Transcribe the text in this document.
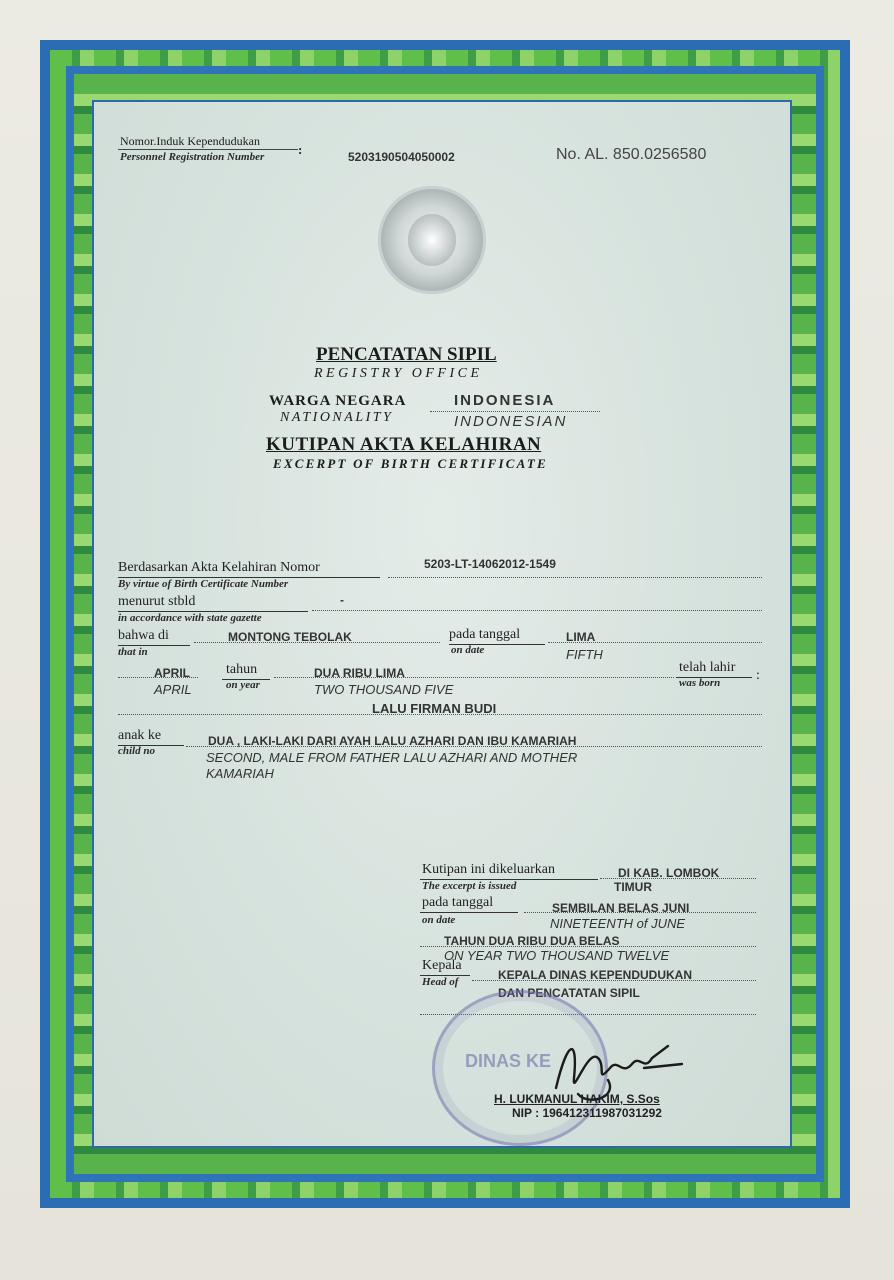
Nomor.Induk Kependudukan
Personnel Registration Number	:	5203190504050002	No. AL. 850.0256580
PENCATATAN SIPIL
REGISTRY OFFICE
WARGA NEGARA	INDONESIA
NATIONALITY	INDONESIAN
KUTIPAN AKTA KELAHIRAN
EXCERPT OF BIRTH CERTIFICATE
Berdasarkan Akta Kelahiran Nomor
By virtue of Birth Certificate Number
5203-LT-14062012-1549
menurut stbld
in accordance with state gazette
-
bahwa di
that in
MONTONG TEBOLAK	pada tanggal
on date
LIMA
FIFTH
APRIL
APRIL
tahun
on year
DUA RIBU LIMA
TWO THOUSAND FIVE
telah lahir
was born	:
LALU FIRMAN BUDI
anak ke
child no
DUA , LAKI-LAKI DARI AYAH LALU AZHARI DAN IBU KAMARIAH
SECOND, MALE FROM FATHER LALU AZHARI AND MOTHER
KAMARIAH
Kutipan ini dikeluarkan
The excerpt is issued
DI KAB. LOMBOK
TIMUR
pada tanggal
on date
SEMBILAN BELAS JUNI
NINETEENTH of JUNE
TAHUN DUA RIBU DUA BELAS
ON YEAR TWO THOUSAND TWELVE
Kepala
Head of	KEPALA DINAS KEPENDUDUKAN
DAN PENCATATAN SIPIL
DINAS KE
H. LUKMANUL HAKIM, S.Sos
NIP : 196412311987031292
